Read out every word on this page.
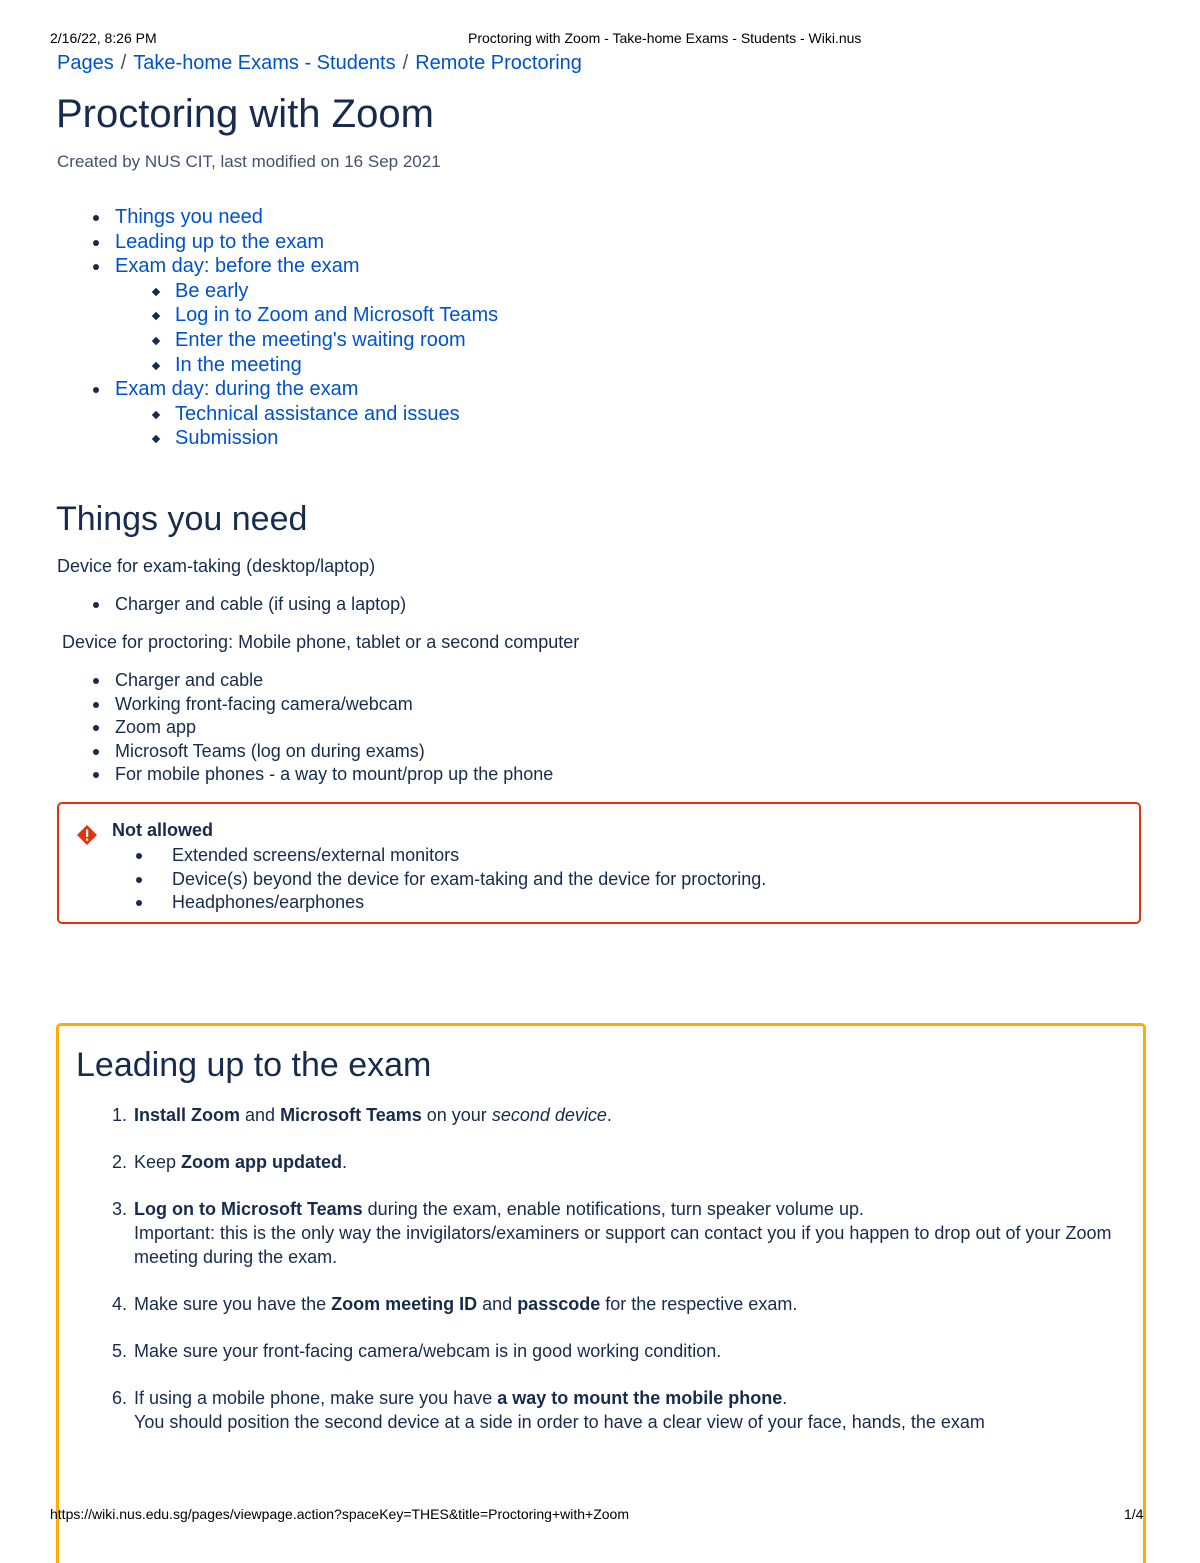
2/16/22, 8:26 PM	Proctoring with Zoom - Take-home Exams - Students - Wiki.nus
Pages / Take-home Exams - Students / Remote Proctoring
Proctoring with Zoom
Created by NUS CIT, last modified on 16 Sep 2021
Things you need
Leading up to the exam
Exam day: before the exam
Be early
Log in to Zoom and Microsoft Teams
Enter the meeting's waiting room
In the meeting
Exam day: during the exam
Technical assistance and issues
Submission
Things you need
Device for exam-taking (desktop/laptop)
Charger and cable (if using a laptop)
Device for proctoring: Mobile phone, tablet or a second computer
Charger and cable
Working front-facing camera/webcam
Zoom app
Microsoft Teams (log on during exams)
For mobile phones - a way to mount/prop up the phone
Not allowed
Extended screens/external monitors
Device(s) beyond the device for exam-taking and the device for proctoring.
Headphones/earphones
Leading up to the exam
1. Install Zoom and Microsoft Teams on your second device.
2. Keep Zoom app updated.
3. Log on to Microsoft Teams during the exam, enable notifications, turn speaker volume up.
Important: this is the only way the invigilators/examiners or support can contact you if you happen to drop out of your Zoom meeting during the exam.
4. Make sure you have the Zoom meeting ID and passcode for the respective exam.
5. Make sure your front-facing camera/webcam is in good working condition.
6. If using a mobile phone, make sure you have a way to mount the mobile phone.
You should position the second device at a side in order to have a clear view of your face, hands, the exam
https://wiki.nus.edu.sg/pages/viewpage.action?spaceKey=THES&title=Proctoring+with+Zoom	1/4
